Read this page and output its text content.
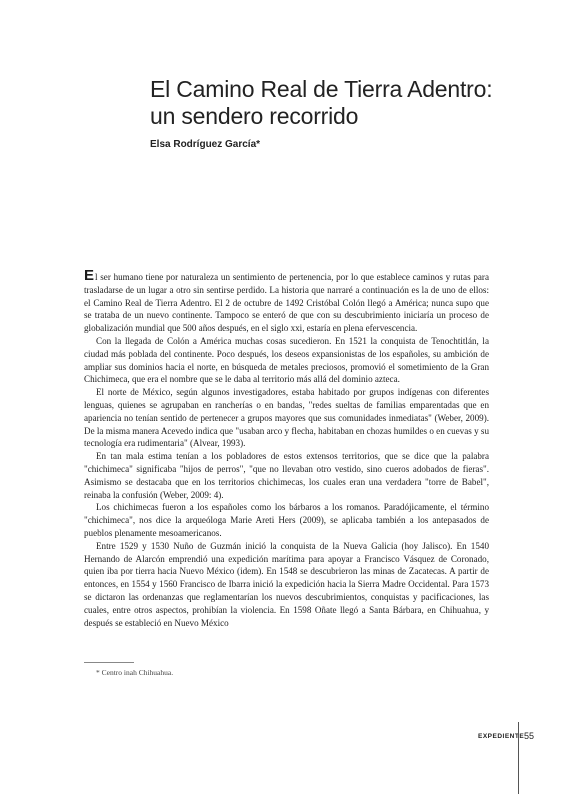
El Camino Real de Tierra Adentro:
un sendero recorrido
Elsa Rodríguez García*

El ser humano tiene por naturaleza un sentimiento de pertenencia, por lo que establece caminos y rutas para trasladarse de un lugar a otro sin sentirse perdido. La historia que narraré a continuación es la de uno de ellos: el Camino Real de Tierra Adentro. El 2 de octubre de 1492 Cristóbal Colón llegó a América; nunca supo que se trataba de un nuevo continente. Tampoco se enteró de que con su descubrimiento iniciaría un proceso de globalización mundial que 500 años después, en el siglo xxi, estaría en plena efervescencia.

Con la llegada de Colón a América muchas cosas sucedieron. En 1521 la conquista de Tenochtitlán, la ciudad más poblada del continente. Poco después, los deseos expansionistas de los españoles, su ambición de ampliar sus dominios hacia el norte, en búsqueda de metales preciosos, promovió el sometimiento de la Gran Chichimeca, que era el nombre que se le daba al territorio más allá del dominio azteca.

El norte de México, según algunos investigadores, estaba habitado por grupos indígenas con diferentes lenguas, quienes se agrupaban en rancherías o en bandas, "redes sueltas de familias emparentadas que en apariencia no tenían sentido de pertenecer a grupos mayores que sus comunidades inmediatas" (Weber, 2009). De la misma manera Acevedo indica que "usaban arco y flecha, habitaban en chozas humildes o en cuevas y su tecnología era rudimentaria" (Alvear, 1993).

En tan mala estima tenían a los pobladores de estos extensos territorios, que se dice que la palabra "chichimeca" significaba "hijos de perros", "que no llevaban otro vestido, sino cueros adobados de fieras". Asimismo se destacaba que en los territorios chichimecas, los cuales eran una verdadera "torre de Babel", reinaba la confusión (Weber, 2009: 4).

Los chichimecas fueron a los españoles como los bárbaros a los romanos. Paradójicamente, el término "chichimeca", nos dice la arqueóloga Marie Areti Hers (2009), se aplicaba también a los antepasados de pueblos plenamente mesoamericanos.

Entre 1529 y 1530 Nuño de Guzmán inició la conquista de la Nueva Galicia (hoy Jalisco). En 1540 Hernando de Alarcón emprendió una expedición marítima para apoyar a Francisco Vásquez de Coronado, quien iba por tierra hacia Nuevo México (idem). En 1548 se descubrieron las minas de Zacatecas. A partir de entonces, en 1554 y 1560 Francisco de Ibarra inició la expedición hacia la Sierra Madre Occidental. Para 1573 se dictaron las ordenanzas que reglamentarían los nuevos descubrimientos, conquistas y pacificaciones, las cuales, entre otros aspectos, prohibían la violencia. En 1598 Oñate llegó a Santa Bárbara, en Chihuahua, y después se estableció en Nuevo México

* Centro inah Chihuahua.
EXPEDIENTE 55
